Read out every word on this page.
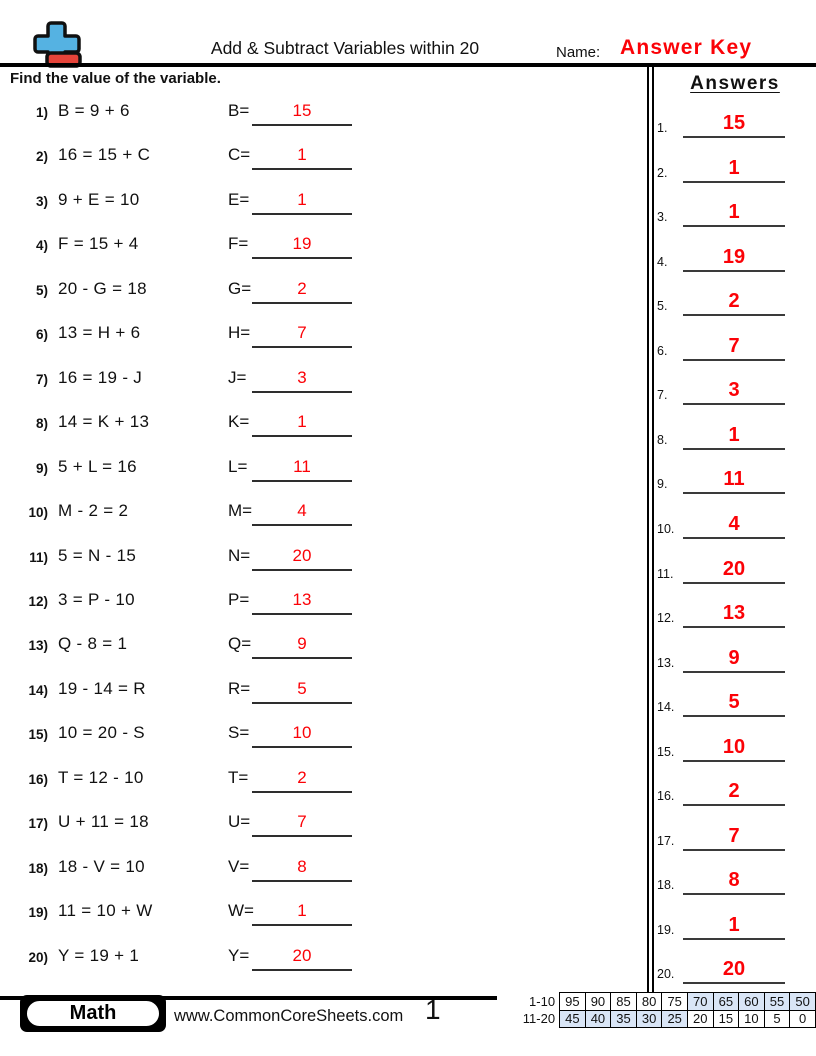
Add & Subtract Variables within 20	Name: Answer Key
Find the value of the variable.
1) B = 9 + 6	B=	15
2) 16 = 15 + C	C=	1
3) 9 + E = 10	E=	1
4) F = 15 + 4	F=	19
5) 20 - G = 18	G=	2
6) 13 = H + 6	H=	7
7) 16 = 19 - J	J=	3
8) 14 = K + 13	K=	1
9) 5 + L = 16	L=	11
10) M - 2 = 2	M=	4
11) 5 = N - 15	N=	20
12) 3 = P - 10	P=	13
13) Q - 8 = 1	Q=	9
14) 19 - 14 = R	R=	5
15) 10 = 20 - S	S=	10
16) T = 12 - 10	T=	2
17) U + 11 = 18	U=	7
18) 18 - V = 10	V=	8
19) 11 = 10 + W	W=	1
20) Y = 19 + 1	Y=	20
Answers
1.	15
2.	1
3.	1
4.	19
5.	2
6.	7
7.	3
8.	1
9.	11
10.	4
11.	20
12.	13
13.	9
14.	5
15.	10
16.	2
17.	7
18.	8
19.	1
20.	20
Math	www.CommonCoreSheets.com 1	1-10	95	90	85	80	75	70	65	60	55	50
11-20	45	40	35	30	25	20	15	10	5	0
